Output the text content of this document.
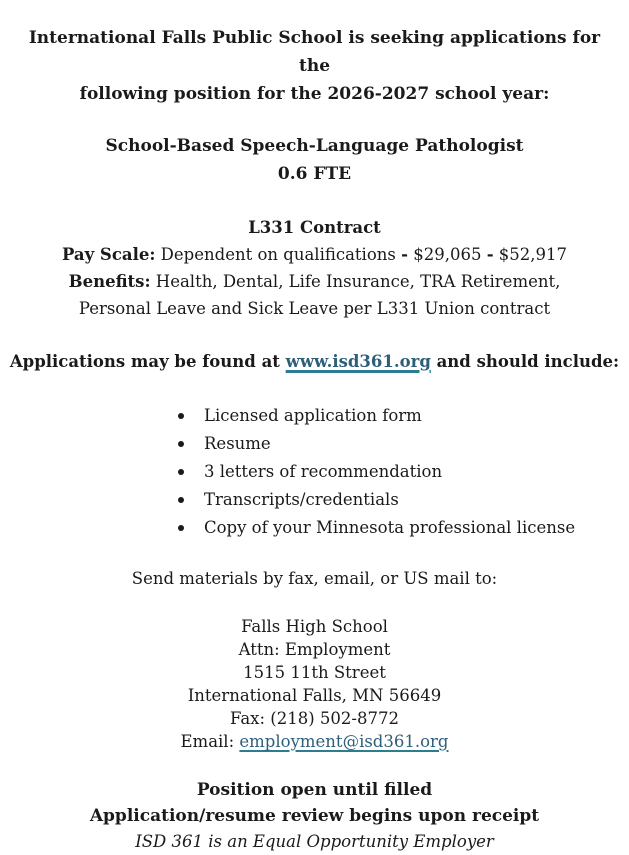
International Falls Public School is seeking applications for the
following position for the 2026-2027 school year:
School-Based Speech-Language Pathologist
0.6 FTE
L331 Contract
Pay Scale: Dependent on qualifications - $29,065 - $52,917
Benefits: Health, Dental, Life Insurance, TRA Retirement,
Personal Leave and Sick Leave per L331 Union contract
Applications may be found at www.isd361.org and should include:
Licensed application form
Resume
3 letters of recommendation
Transcripts/credentials
Copy of your Minnesota professional license
Send materials by fax, email, or US mail to:
Falls High School
Attn: Employment
1515 11th Street
International Falls, MN 56649
Fax: (218) 502-8772
Email: employment@isd361.org
Position open until filled
Application/resume review begins upon receipt
ISD 361 is an Equal Opportunity Employer
